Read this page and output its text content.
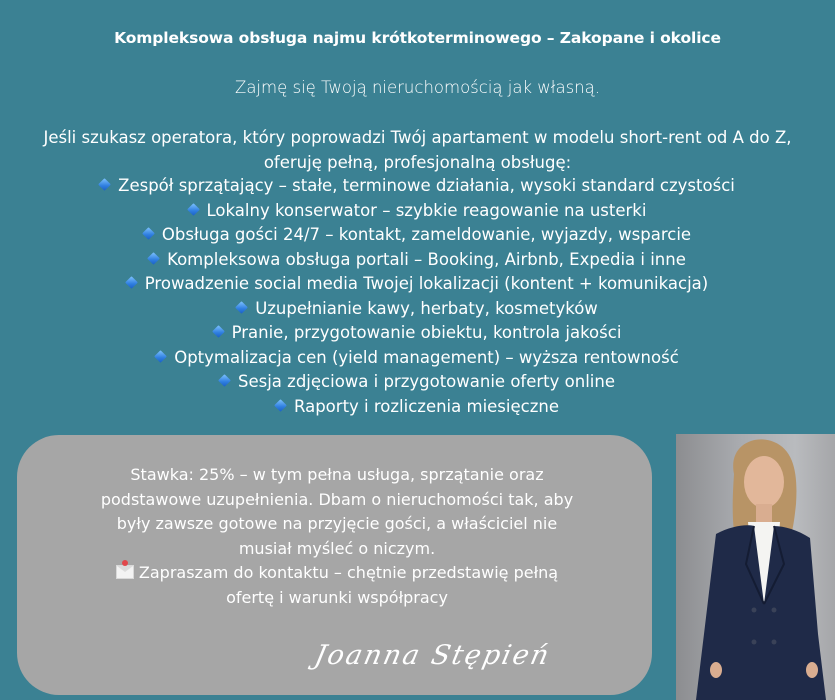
Kompleksowa obsługa najmu krótkoterminowego – Zakopane i okolice
Zajmę się Twoją nieruchomością jak własną.
Jeśli szukasz operatora, który poprowadzi Twój apartament w modelu short-rent od A do Z,
oferuję pełną, profesjonalną obsługę:
Zespół sprzątający – stałe, terminowe działania, wysoki standard czystości
Lokalny konserwator – szybkie reagowanie na usterki
Obsługa gości 24/7 – kontakt, zameldowanie, wyjazdy, wsparcie
Kompleksowa obsługa portali – Booking, Airbnb, Expedia i inne
Prowadzenie social media Twojej lokalizacji (kontent + komunikacja)
Uzupełnianie kawy, herbaty, kosmetyków
Pranie, przygotowanie obiektu, kontrola jakości
Optymalizacja cen (yield management) – wyższa rentowność
Sesja zdjęciowa i przygotowanie oferty online
Raporty i rozliczenia miesięczne
Stawka: 25% – w tym pełna usługa, sprzątanie oraz
podstawowe uzupełnienia. Dbam o nieruchomości tak, aby
były zawsze gotowe na przyjęcie gości, a właściciel nie
musiał myśleć o niczym.
Zapraszam do kontaktu – chętnie przedstawię pełną
ofertę i warunki współpracy
Joanna Stępień
